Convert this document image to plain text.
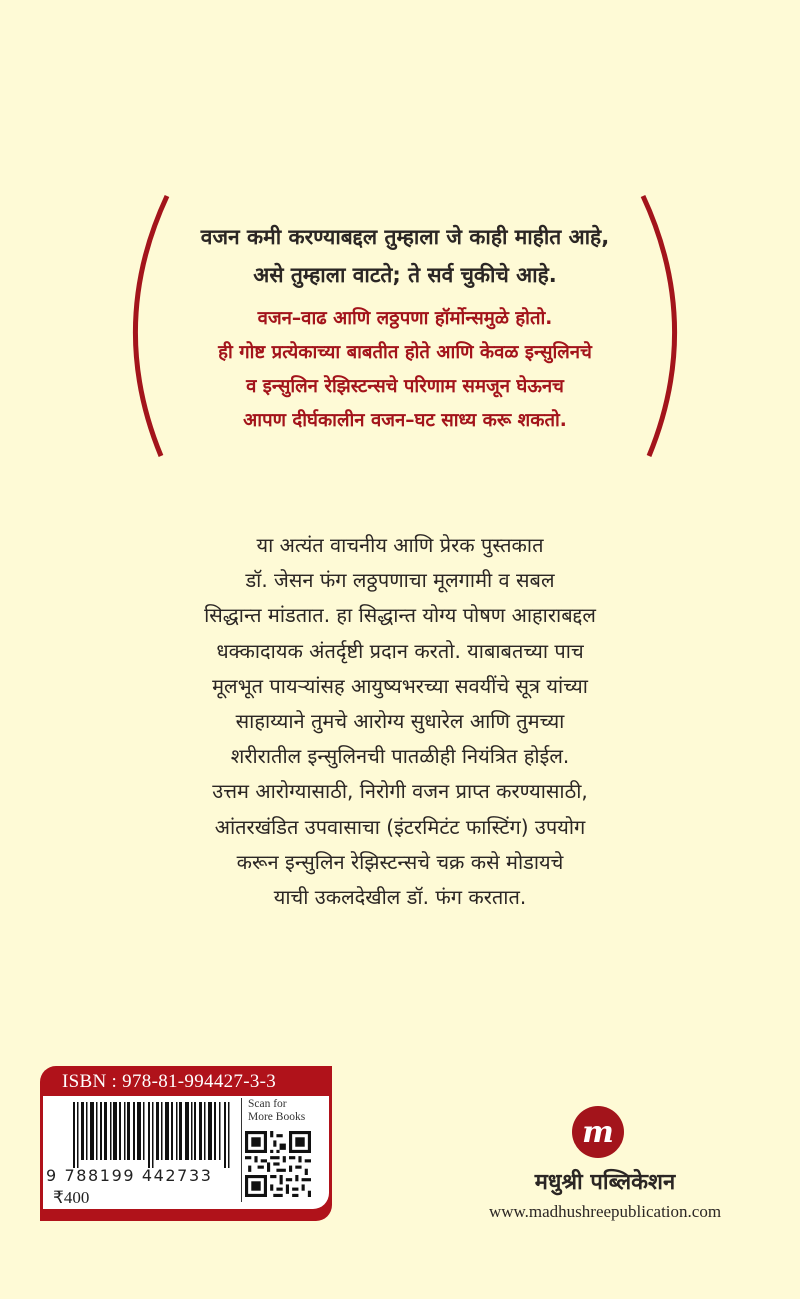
वजन कमी करण्याबद्दल तुम्हाला जे काही माहीत आहे,
असे तुम्हाला वाटते; ते सर्व चुकीचे आहे.
वजन–वाढ आणि लठ्ठपणा हॉर्मोन्समुळे होतो.
ही गोष्ट प्रत्येकाच्या बाबतीत होते आणि केवळ इन्सुलिनचे
व इन्सुलिन रेझिस्टन्सचे परिणाम समजून घेऊनच
आपण दीर्घकालीन वजन–घट साध्य करू शकतो.
या अत्यंत वाचनीय आणि प्रेरक पुस्तकात
डॉ. जेसन फंग लठ्ठपणाचा मूलगामी व सबल
सिद्धान्त मांडतात. हा सिद्धान्त योग्य पोषण आहाराबद्दल
धक्कादायक अंतर्दृष्टी प्रदान करतो. याबाबतच्या पाच
मूलभूत पायऱ्यांसह आयुष्यभरच्या सवयींचे सूत्र यांच्या
साहाय्याने तुमचे आरोग्य सुधारेल आणि तुमच्या
शरीरातील इन्सुलिनची पातळीही नियंत्रित होईल.
उत्तम आरोग्यासाठी, निरोगी वजन प्राप्त करण्यासाठी,
आंतरखंडित उपवासाचा (इंटरमिटंट फास्टिंग) उपयोग
करून इन्सुलिन रेझिस्टन्सचे चक्र कसे मोडायचे
याची उकलदेखील डॉ. फंग करतात.
ISBN : 978-81-994427-3-3
9 788199 442733
₹400
Scan for
More Books	m
मधुश्री पब्लिकेशन
www.madhushreepublication.com
